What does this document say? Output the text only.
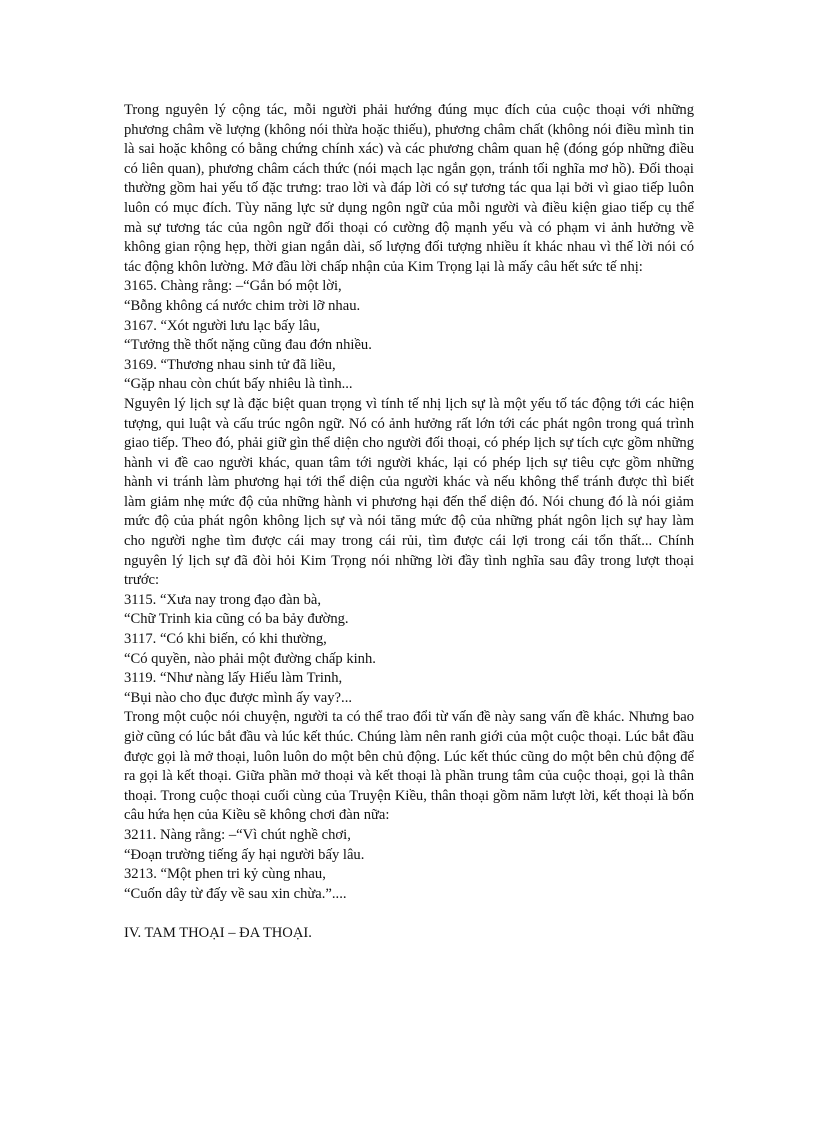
Trong nguyên lý cộng tác, mỗi người phải hướng đúng mục đích của cuộc thoại với những phương châm về lượng (không nói thừa hoặc thiếu), phương châm chất (không nói điều mình tin là sai hoặc không có bằng chứng chính xác) và các phương châm quan hệ (đóng góp những điều có liên quan), phương châm cách thức (nói mạch lạc ngắn gọn, tránh tối nghĩa mơ hồ). Đối thoại thường gồm hai yếu tố đặc trưng: trao lời và đáp lời có sự tương tác qua lại bởi vì giao tiếp luôn luôn có mục đích. Tùy năng lực sử dụng ngôn ngữ của mỗi người và điều kiện giao tiếp cụ thể mà sự tương tác của ngôn ngữ đối thoại có cường độ mạnh yếu và có phạm vi ảnh hưởng về không gian rộng hẹp, thời gian ngắn dài, số lượng đối tượng nhiều ít khác nhau vì thế lời nói có tác động khôn lường. Mở đầu lời chấp nhận của Kim Trọng lại là mấy câu hết sức tế nhị:

3165. Chàng rằng: –“Gắn bó một lời,

“Bỗng không cá nước chim trời lỡ nhau.

3167. “Xót người lưu lạc bấy lâu,

“Tưởng thề thốt nặng cũng đau đớn nhiều.

3169. “Thương nhau sinh tử đã liều,

“Gặp nhau còn chút bấy nhiêu là tình...

Nguyên lý lịch sự là đặc biệt quan trọng vì tính tế nhị lịch sự là một yếu tố tác động tới các hiện tượng, qui luật và cấu trúc ngôn ngữ. Nó có ảnh hưởng rất lớn tới các phát ngôn trong quá trình giao tiếp. Theo đó, phải giữ gìn thể diện cho người đối thoại, có phép lịch sự tích cực gồm những hành vi đề cao người khác, quan tâm tới người khác, lại có phép lịch sự tiêu cực gồm những hành vi tránh làm phương hại tới thể diện của người khác và nếu không thể tránh được thì biết làm giảm nhẹ mức độ của những hành vi phương hại đến thể diện đó. Nói chung đó là nói giảm mức độ của phát ngôn không lịch sự và nói tăng mức độ của những phát ngôn lịch sự hay làm cho người nghe tìm được cái may trong cái rủi, tìm được cái lợi trong cái tổn thất... Chính nguyên lý lịch sự đã đòi hỏi Kim Trọng nói những lời đầy tình nghĩa sau đây trong lượt thoại trước:

3115. “Xưa nay trong đạo đàn bà,

“Chữ Trinh kia cũng có ba bảy đường.

3117. “Có khi biến, có khi thường,

“Có quyền, nào phải một đường chấp kinh.

3119. “Như nàng lấy Hiếu làm Trinh,

“Bụi nào cho đục được mình ấy vay?...

Trong một cuộc nói chuyện, người ta có thể trao đổi từ vấn đề này sang vấn đề khác. Nhưng bao giờ cũng có lúc bắt đầu và lúc kết thúc. Chúng làm nên ranh giới của một cuộc thoại. Lúc bắt đầu được gọi là mở thoại, luôn luôn do một bên chủ động. Lúc kết thúc cũng do một bên chủ động để ra gọi là kết thoại. Giữa phần mở thoại và kết thoại là phần trung tâm của cuộc thoại, gọi là thân thoại. Trong cuộc thoại cuối cùng của Truyện Kiều, thân thoại gồm năm lượt lời, kết thoại là bốn câu hứa hẹn của Kiều sẽ không chơi đàn nữa:

3211. Nàng rằng: –“Vì chút nghề chơi,

“Đoạn trường tiếng ấy hại người bấy lâu.

3213. “Một phen tri kỷ cùng nhau,

“Cuốn dây từ đấy về sau xin chừa.”....

IV. TAM THOẠI – ĐA THOẠI.
